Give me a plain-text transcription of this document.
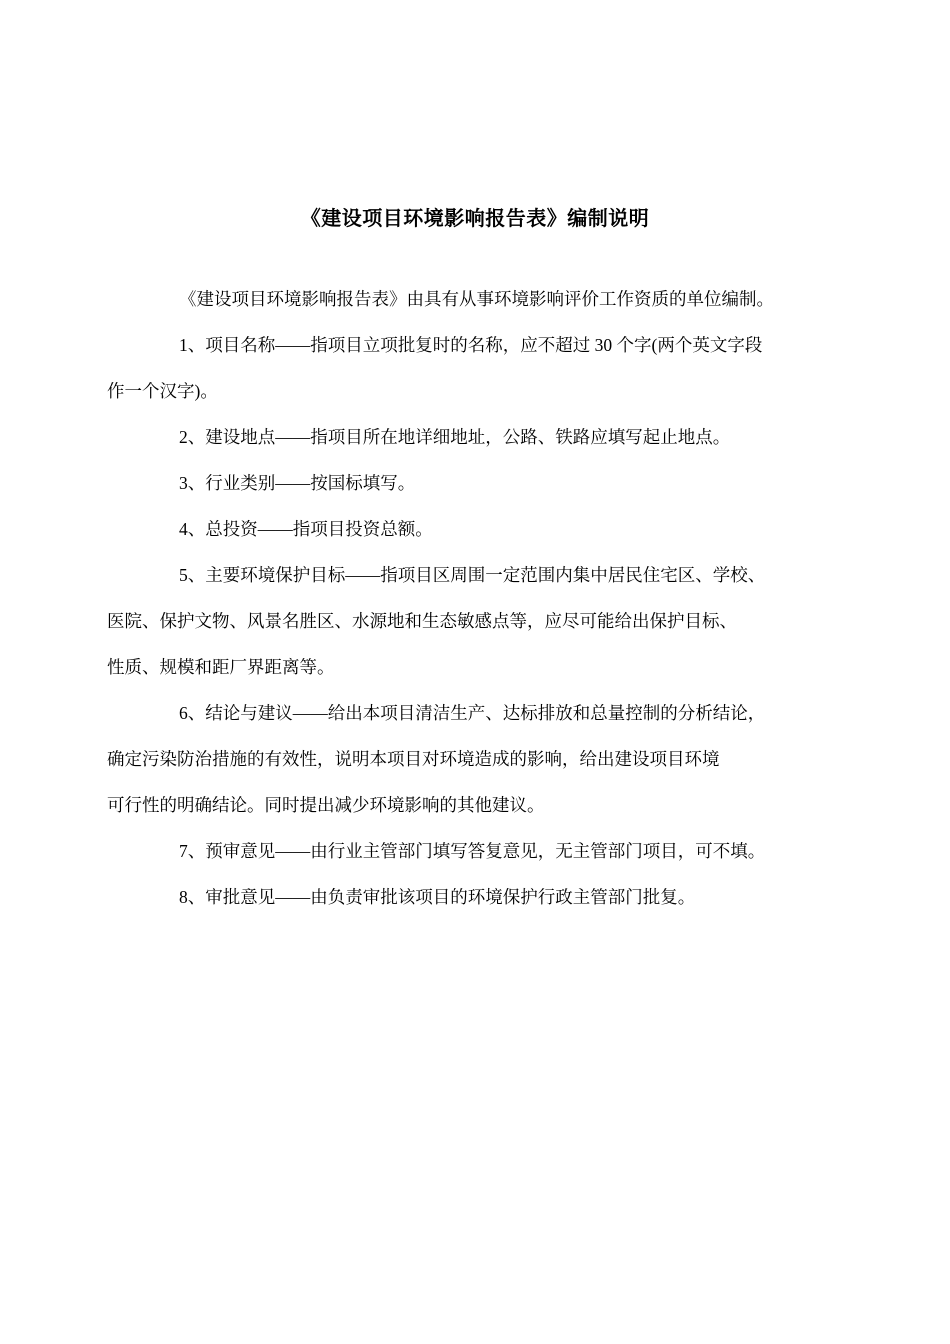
《建设项目环境影响报告表》编制说明

《建设项目环境影响报告表》由具有从事环境影响评价工作资质的单位编制。

1、项目名称——指项目立项批复时的名称，应不超过 30 个字(两个英文字段
作一个汉字)。

2、建设地点——指项目所在地详细地址，公路、铁路应填写起止地点。

3、行业类别——按国标填写。

4、总投资——指项目投资总额。

5、主要环境保护目标——指项目区周围一定范围内集中居民住宅区、学校、
医院、保护文物、风景名胜区、水源地和生态敏感点等，应尽可能给出保护目标、
性质、规模和距厂界距离等。

6、结论与建议——给出本项目清洁生产、达标排放和总量控制的分析结论，
确定污染防治措施的有效性，说明本项目对环境造成的影响，给出建设项目环境
可行性的明确结论。同时提出减少环境影响的其他建议。

7、预审意见——由行业主管部门填写答复意见，无主管部门项目，可不填。

8、审批意见——由负责审批该项目的环境保护行政主管部门批复。
